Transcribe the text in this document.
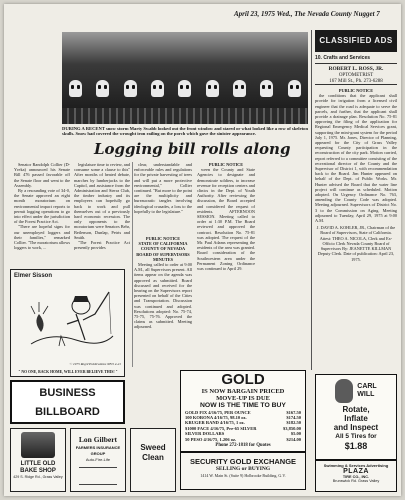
April 23, 1975 Wed., The Nevada County Nugget 7
DURING A RECENT snow storm Marty Swabb looked out the front window and stared or what looked like a row of skeleton skulls. Snow had covered the wrought iron railing on the porch which gave the sinister appearance.
Logging bill rolls along
Senator Randolph Collier (D-Yreka) announced his Senate Bill 476 passed favorable off the Senate floor and went to the Assembly.
By a resounding vote of 34-0, the Senate approved an eight month moratorium on environmental impact reports to permit logging operations to go into effect under the jurisdiction of the Forest Practice Act.
"There are hopeful signs for our unemployed loggers and their families," remarked Collier. "The moratorium allows loggers to work, ...
legislature time to review, and consume some a clause to this" After months of heated debate, marches by lumberjacks to the Capitol, and assistance from the Administration and Sierra Club, the timber industry and its employees can hopefully go back to work and pull themselves out of a previously hard economic recession. The only opponents to the moratorium were Senators Behr, Beilenson, Dunlap, Petris and Smith.
"The Forest Practice Act presently provides
clear, understandable and enforceable rules and regulations for the private harvesting of trees and will put a more protective environmental," Collier continued. "But more to the point are the multiplicity and bureaucratic tangles involving ideological crusades, a loss to the hopefully to the legislature."
PUBLIC NOTICE
STATE OF CALIFORNIA COUNTY OF NEVADA BOARD OF SUPERVISORS MINUTES
Meeting called to order at 9:00 A.M., all Supervisors present. All items appear on the agenda was approved as submitted. Board discussed and received for the hearing on the Supervisors report presented on behalf of the Cities and Transportation. Discussion was continued and adopted. Resolutions adopted: No. 75-74, 75-75, 75-76. Approved the claims as submitted. Meeting adjourned.
PUBLIC NOTICE
ween the County and State Agencies to designate and demonstrate soldiers, to increase revenue for reception centers and clinics in the Dept. of Youth Authority. After reviewing the discussion, the Board accepted and considered the request of residents. AFTERNOON SESSION. Meeting called to order at 1:30 P.M. The Board reviewed and approved the contract. Resolution No. 75-81 was adopted. The request of the Mr. Paul Adams representing the residents of the area was granted. Board consideration of the Southwestern area under the Permanent Zoning Ordinance was continued to April 29.
CLASSIFIED ADS
10. Crafts and Services
ROBERT L. ROSS, JR.
OPTOMETRIST
167 Mill St., Ph. 273-6288
PUBLIC NOTICE
the conditions that the applicant shall provide for irrigation from a licensed civil engineer that the road is adequate to serve the parcels, and further, that the applicant shall provide a drainage plan. Resolution No. 75-81 approving the filing of the application for Regional Emergency Medical Services grant, supporting the mini-grant system for the period July 1, 1975. Mr. Jones, Director of Planning, appeared for the City of Grass Valley requesting County participation in the reconstruction of the city park. Motion carried, report referred to a committee consisting of the recreational director of the County and the Supervisor of District 1, with recommendation back to the Board. Jim Hunter appeared on behalf of the Dept. of Public Works. Mr. Hunter advised the Board that the water line project will continue as scheduled. Motion adopted. On Urgency Ordinance No. 763, amending the County Code was adopted. Meeting adjourned. Supervisors of District No. 3 to the Commission on Aging. Meeting adjourned to Tuesday, April 29, 1975 at 9:00 A.M.
J. DAVID A. KOHLER, JR., Chairman of the Board of Supervisors, State of California. Attest: THEO A. NICOLA, Clerk and Ex-Officio Clerk Nevada County Board of Supervisors By: JEANETTE KILLMAN Deputy Clerk. Date of publication: April 23, 1975.
Elmer Sisson
© 1975 Reg'd Publications NEO 4-21
" NO ONE, BACK HOME, WILL EVER BELIEVE THIS! "
BUSINESS
BILLBOARD
LITTLE OLD
BAKE SHOP
429 S. Ridge Rd., Grass Valley
Lon Gilbert
FARMERS INSURANCE GROUP
Auto-Fire-Life
Sweed
Clean
GOLD
IS NOW BARGAIN PRICED
MOVE-UP IS DUE
NOW IS THE TIME TO BUY
GOLD FIX 4/16/75, PER OUNCE	$167.50
100 KORONA 4/16/75, 98.10 oz.	$174.50
KRUGER RAND 4/16/75, 1 oz.	$182.50
$1000 FACE 4/16/75, Pre-65 SILVER	$3,850.00
SILVER DOLLARS	$5.00
50 PESO 4/16/75, 1.206 oz.	$214.00
Phone 272-1818 for Quotes
SECURITY GOLD EXCHANGE
SELLING or BUYING
1414 W. Main St. (Suite 9) Holbrooke Building, G.V.
CARL
WILL
Rotate,
Inflate
and Inspect
All 5 Tires for
$1.88
Swimming & Services Advertising
PLAZA
TIRE CO., INC.
Brunswick Rd. Grass Valley
